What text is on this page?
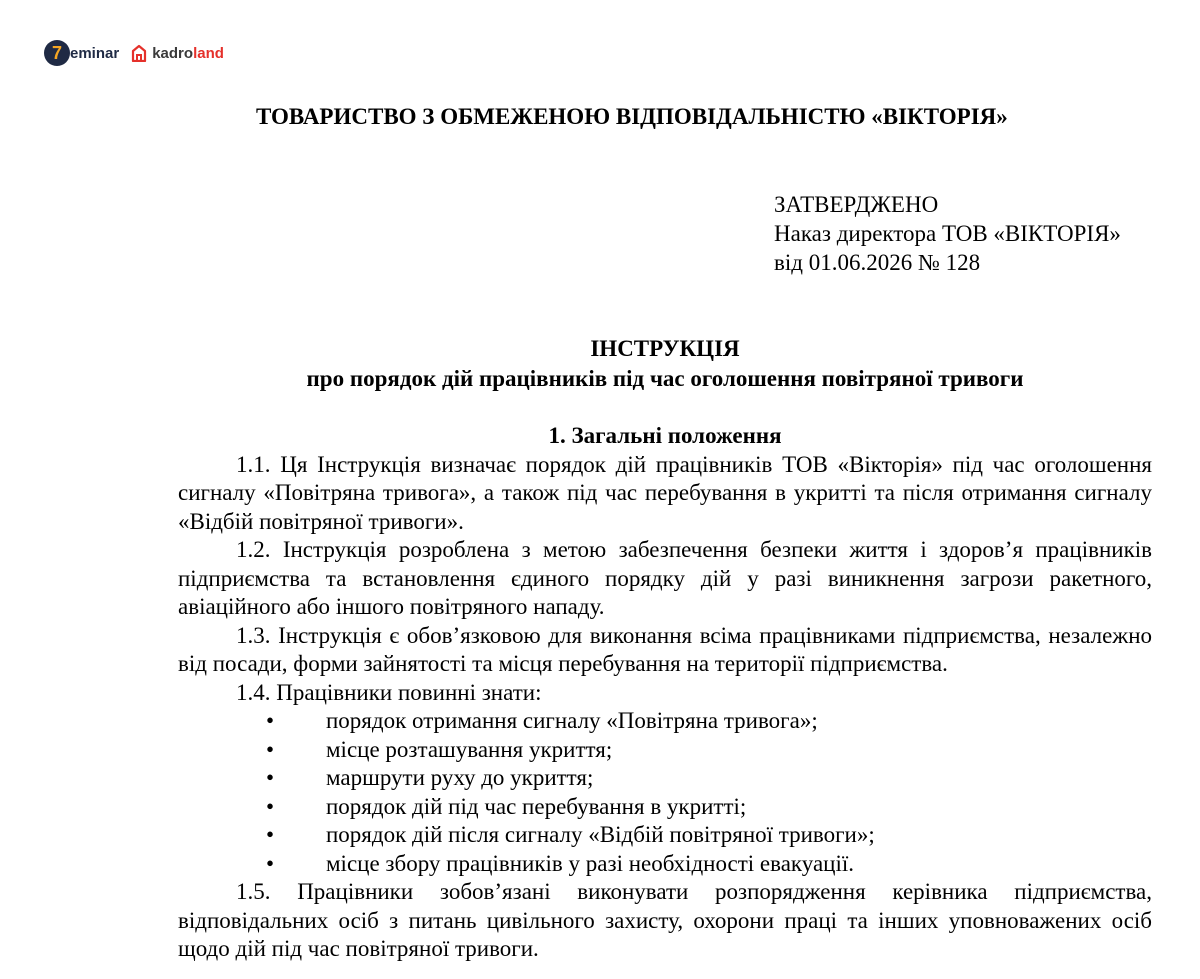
7 eminar kadro land
ТОВАРИСТВО З ОБМЕЖЕНОЮ ВІДПОВІДАЛЬНІСТЮ «ВІКТОРІЯ»
ЗАТВЕРДЖЕНО
Наказ директора ТОВ «ВІКТОРІЯ»
від 01.06.2026 № 128
ІНСТРУКЦІЯ
про порядок дій працівників під час оголошення повітряної тривоги
1. Загальні положення

1.1. Ця Інструкція визначає порядок дій працівників ТОВ «Вікторія» під час оголошення сигналу «Повітряна тривога», а також під час перебування в укритті та після отримання сигналу «Відбій повітряної тривоги».

1.2. Інструкція розроблена з метою забезпечення безпеки життя і здоров’я працівників підприємства та встановлення єдиного порядку дій у разі виникнення загрози ракетного, авіаційного або іншого повітряного нападу.

1.3. Інструкція є обов’язковою для виконання всіма працівниками підприємства, незалежно від посади, форми зайнятості та місця перебування на території підприємства.

1.4. Працівники повинні знати:

• порядок отримання сигналу «Повітряна тривога»;
• місце розташування укриття;
• маршрути руху до укриття;
• порядок дій під час перебування в укритті;
• порядок дій після сигналу «Відбій повітряної тривоги»;
• місце збору працівників у разі необхідності евакуації.

1.5. Працівники зобов’язані виконувати розпорядження керівника підприємства, відповідальних осіб з питань цивільного захисту, охорони праці та інших уповноважених осіб щодо дій під час повітряної тривоги.
